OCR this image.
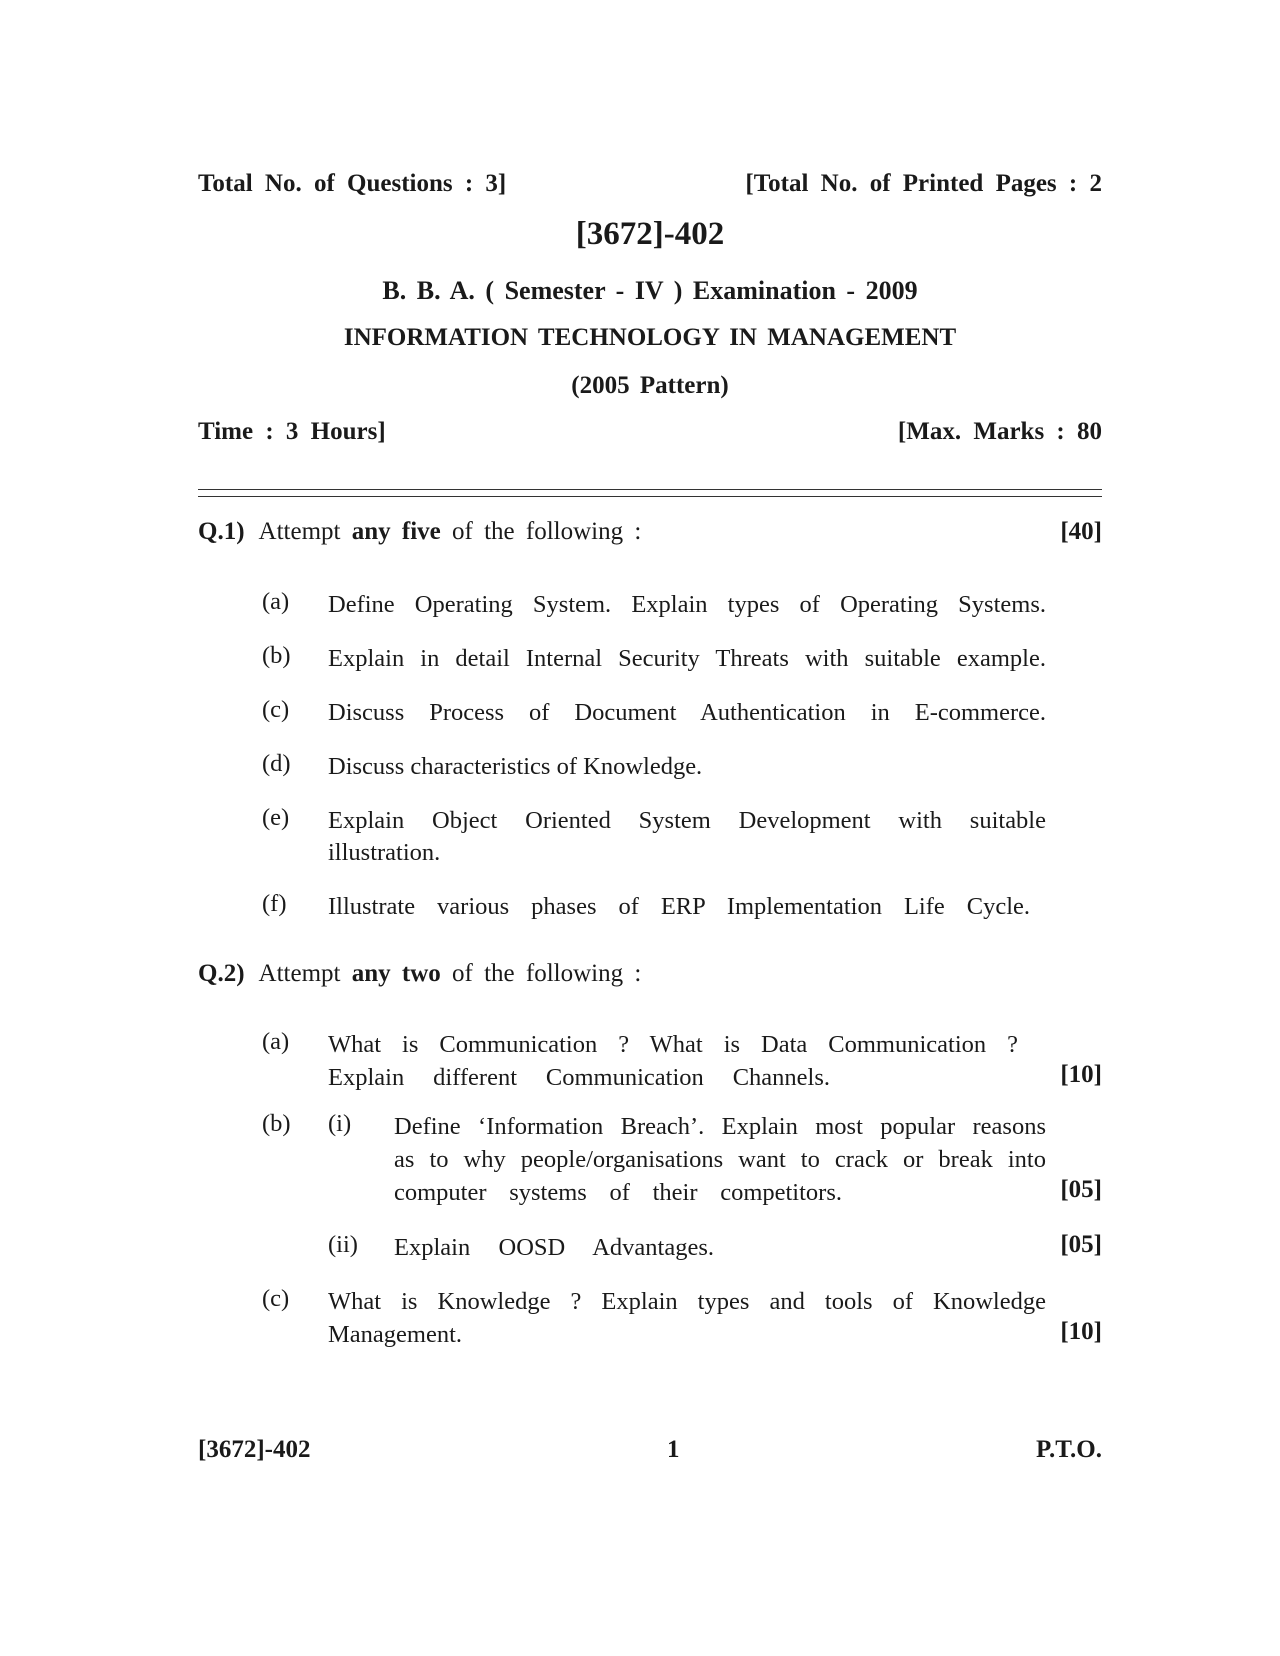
Total No. of Questions : 3]	[Total No. of Printed Pages : 2
[3672]-402
B. B. A. ( Semester - IV ) Examination - 2009
INFORMATION TECHNOLOGY IN MANAGEMENT
(2005 Pattern)
Time : 3 Hours]	[Max. Marks : 80
Q.1) Attempt any five of the following :	[40]
(a) Define Operating System. Explain types of Operating Systems.
(b) Explain in detail Internal Security Threats with suitable example.
(c) Discuss Process of Document Authentication in E-commerce.
(d) Discuss characteristics of Knowledge.
(e) Explain Object Oriented System Development with suitable
illustration.
(f) Illustrate various phases of ERP Implementation Life Cycle.
Q.2) Attempt any two of the following :
(a) What is Communication ? What is Data Communication ?
Explain different Communication Channels.	[10]
(b) (i) Define ‘Information Breach’. Explain most popular reasons
as to why people/organisations want to crack or break into
computer systems of their competitors.	[05]
(ii) Explain OOSD Advantages.	[05]
(c) What is Knowledge ? Explain types and tools of Knowledge
Management.	[10]
[3672]-402	1	P.T.O.
